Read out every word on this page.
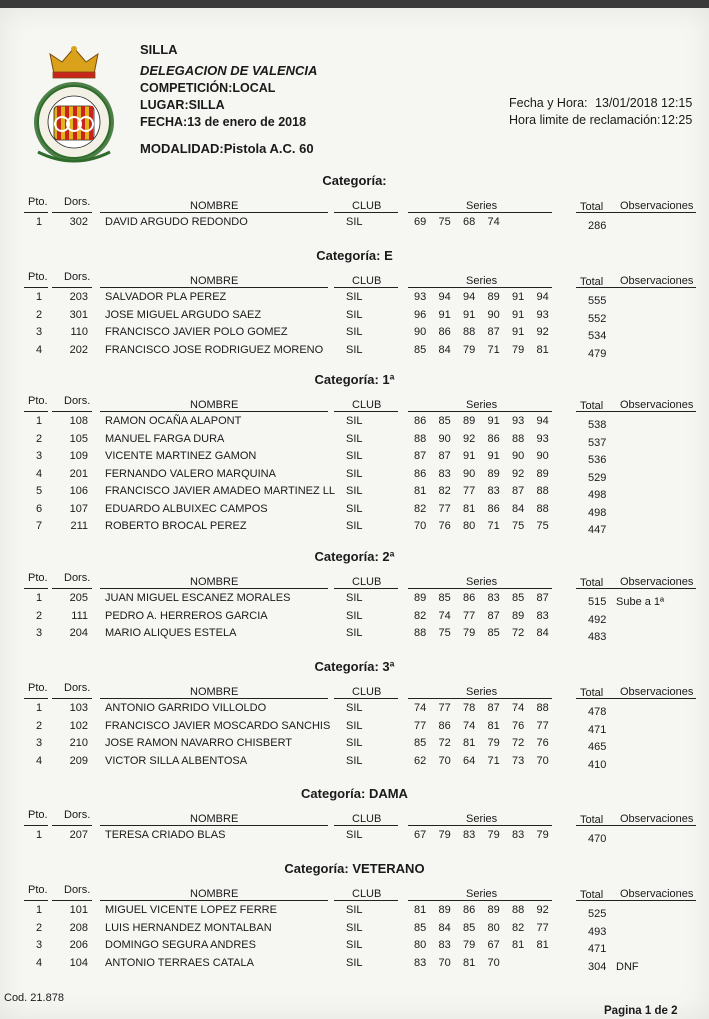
SILLA
DELEGACION DE VALENCIA
COMPETICIÓN:LOCAL
LUGAR:SILLA
FECHA:13 de enero de 2018
MODALIDAD:Pistola A.C. 60
Fecha y Hora: 13/01/2018 12:15
Hora limite de reclamación: 12:25
Categoría:
Pto. Dors.	NOMBRE	CLUB	Series	Total Observaciones
1	302 DAVID ARGUDO REDONDO	SIL	69 75 68 74	286
Categoría: E
Pto. Dors.	NOMBRE	CLUB	Series	Total Observaciones
1	203 SALVADOR PLA PEREZ	SIL	93 94 94 89 91 94	555
2	301 JOSE MIGUEL ARGUDO SAEZ	SIL	96 91 91 90 91 93	552
3	110 FRANCISCO JAVIER POLO GOMEZ	SIL	90 86 88 87 91 92	534
4	202 FRANCISCO JOSE RODRIGUEZ MORENO SIL	85 84 79 71 79 81	479
Categoría: 1ª
Pto. Dors.	NOMBRE	CLUB	Series	Total Observaciones
1	108 RAMON OCAÑA ALAPONT	SIL	86 85 89 91 93 94	538
2	105 MANUEL FARGA DURA	SIL	88 90 92 86 88 93	537
3	109 VICENTE MARTINEZ GAMON	SIL	87 87 91 91 90 90	536
4	201 FERNANDO VALERO MARQUINA	SIL	86 83 90 89 92 89	529
5	106 FRANCISCO JAVIER AMADEO MARTINEZ LL SIL	81 82 77 83 87 88	498
6	107 EDUARDO ALBUIXEC CAMPOS	SIL	82 77 81 86 84 88	498
7	211 ROBERTO BROCAL PEREZ	SIL	70 76 80 71 75 75	447
Categoría: 2ª
Pto. Dors.	NOMBRE	CLUB	Series	Total Observaciones
1	205 JUAN MIGUEL ESCANEZ MORALES	SIL	89 85 86 83 85 87	515 Sube a 1ª
2	111 PEDRO A. HERREROS GARCIA	SIL	82 74 77 87 89 83	492
3	204 MARIO ALIQUES ESTELA	SIL	88 75 79 85 72 84	483
Categoría: 3ª
Pto. Dors.	NOMBRE	CLUB	Series	Total Observaciones
1	103 ANTONIO GARRIDO VILLOLDO	SIL	74 77 78 87 74 88	478
2	102 FRANCISCO JAVIER MOSCARDO SANCHIS SIL	77 86 74 81 76 77	471
3	210 JOSE RAMON NAVARRO CHISBERT	SIL	85 72 81 79 72 76	465
4	209 VICTOR SILLA ALBENTOSA	SIL	62 70 64 71 73 70	410
Categoría: DAMA
Pto. Dors.	NOMBRE	CLUB	Series	Total Observaciones
1	207 TERESA CRIADO BLAS	SIL	67 79 83 79 83 79	470
Categoría: VETERANO
Pto. Dors.	NOMBRE	CLUB	Series	Total Observaciones
1	101 MIGUEL VICENTE LOPEZ FERRE	SIL	81 89 86 89 88 92	525
2	208 LUIS HERNANDEZ MONTALBAN	SIL	85 84 85 80 82 77	493
3	206 DOMINGO SEGURA ANDRES	SIL	80 83 79 67 81 81	471
4	104 ANTONIO TERRAES CATALA	SIL	83 70 81 70	304 DNF
Cod. 21.878
Pagina 1 de 2
